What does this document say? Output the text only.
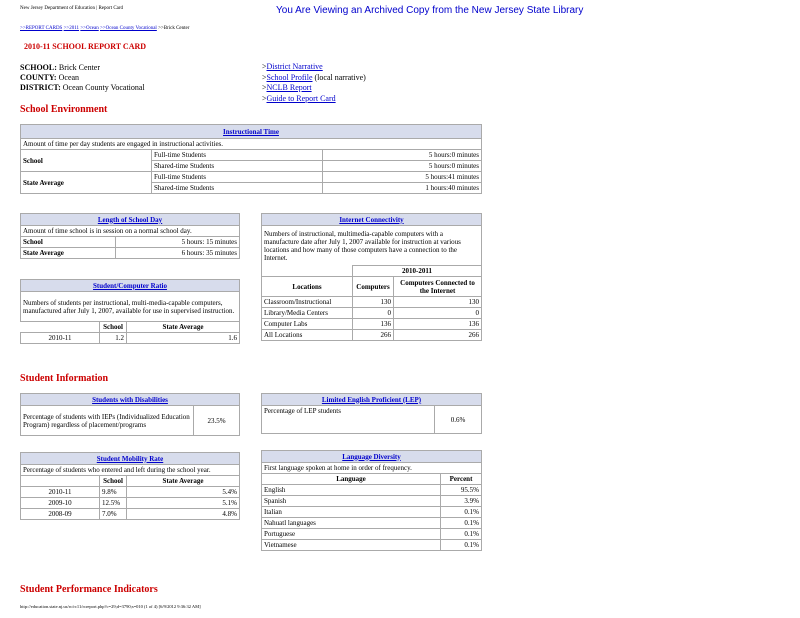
New Jersey Department of Education | Report Card	You Are Viewing an Archived Copy from the New Jersey State Library
>>REPORT CARDS >>2011 >>Ocean >>Ocean County Vocational >>Brick Center
2010-11 SCHOOL REPORT CARD
SCHOOL: Brick Center
COUNTY: Ocean
DISTRICT: Ocean County Vocational
>District Narrative
>School Profile (local narrative)
>NCLB Report
>Guide to Report Card
School Environment
Instructional Time		
Amount of time per day students are engaged in instructional activities.		
School	Full-time Students	5 hours:0 minutes
	Shared-time Students	5 hours:0 minutes
State Average	Full-time Students	5 hours:41 minutes
	Shared-time Students	1 hours:40 minutes
Length of School Day	
Amount of time school is in session on a normal school day.	
School	5 hours: 15 minutes
State Average	6 hours: 35 minutes
Student/Computer Ratio		
Numbers of students per instructional, multi-media-capable computers, manufactured after July 1, 2007, available for use in supervised instruction.		
	School	State Average
2010-11	1.2	1.6
Internet Connectivity		
Numbers of instructional, multimedia-capable computers with a manufacture date after July 1, 2007 available for instruction at various locations and how many of those computers have a connection to the Internet.		
	2010-2011	
Locations	Computers	Computers Connected to the Internet
Classroom/Instructional	130	130
Library/Media Centers	0	0
Computer Labs	136	136
All Locations	266	266
Student Information
Students with Disabilities
Percentage of students with IEPs (Individualized Education Program) regardless of placement/programs	23.5%
Limited English Proficient (LEP)
Percentage of LEP students	0.6%
Student Mobility Rate		
Percentage of students who entered and left during the school year.		
	School	State Average
2010-11	9.8%	5.4%
2009-10	12.5%	5.1%
2008-09	7.0%	4.8%
Language Diversity	
First language spoken at home in order of frequency.	
Language	Percent
English	95.5%
Spanish	3.9%
Italian	0.1%
Nahuatl languages	0.1%
Portuguese	0.1%
Vietnamese	0.1%
Student Performance Indicators
http://education.state.nj.us/rc/rc11/rcreport.php?c=29;d=3790;s=010 (1 of 4) [6/9/2012 9:36:32 AM]
